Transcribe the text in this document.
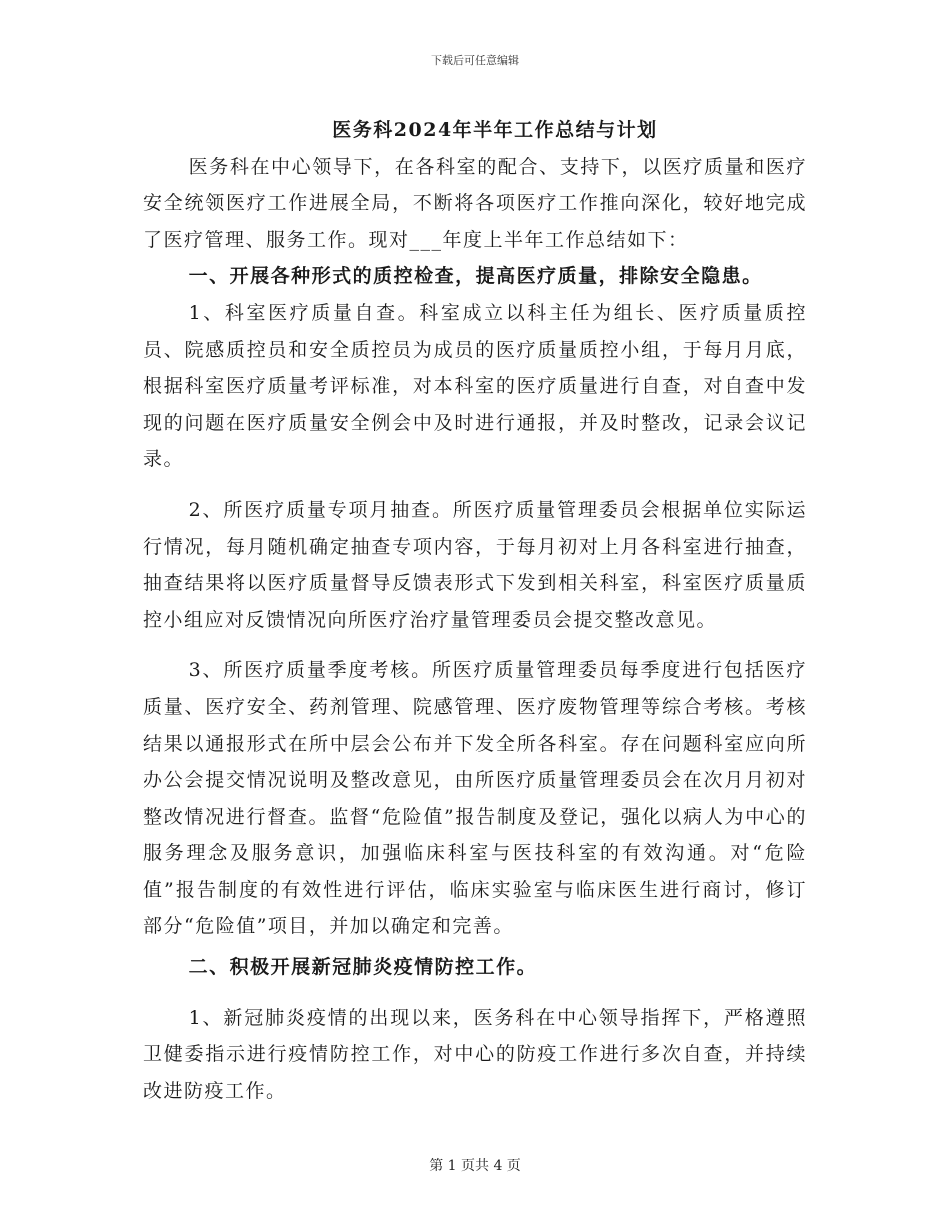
下载后可任意编辑
医务科2024年半年工作总结与计划

医务科在中心领导下，在各科室的配合、支持下，以医疗质量和医疗安全统领医疗工作进展全局，不断将各项医疗工作推向深化，较好地完成了医疗管理、服务工作。现对___年度上半年工作总结如下：

一、开展各种形式的质控检查，提高医疗质量，排除安全隐患。

1、科室医疗质量自查。科室成立以科主任为组长、医疗质量质控员、院感质控员和安全质控员为成员的医疗质量质控小组，于每月月底，根据科室医疗质量考评标准，对本科室的医疗质量进行自查，对自查中发现的问题在医疗质量安全例会中及时进行通报，并及时整改，记录会议记录。

2、所医疗质量专项月抽查。所医疗质量管理委员会根据单位实际运行情况，每月随机确定抽查专项内容，于每月初对上月各科室进行抽查，抽查结果将以医疗质量督导反馈表形式下发到相关科室，科室医疗质量质控小组应对反馈情况向所医疗治疗量管理委员会提交整改意见。

3、所医疗质量季度考核。所医疗质量管理委员每季度进行包括医疗质量、医疗安全、药剂管理、院感管理、医疗废物管理等综合考核。考核结果以通报形式在所中层会公布并下发全所各科室。存在问题科室应向所办公会提交情况说明及整改意见，由所医疗质量管理委员会在次月月初对整改情况进行督查。监督“危险值”报告制度及登记，强化以病人为中心的服务理念及服务意识，加强临床科室与医技科室的有效沟通。对“危险值”报告制度的有效性进行评估，临床实验室与临床医生进行商讨，修订部分“危险值”项目，并加以确定和完善。

二、积极开展新冠肺炎疫情防控工作。

1、新冠肺炎疫情的出现以来，医务科在中心领导指挥下，严格遵照卫健委指示进行疫情防控工作，对中心的防疫工作进行多次自查，并持续改进防疫工作。

第 1 页共 4 页
